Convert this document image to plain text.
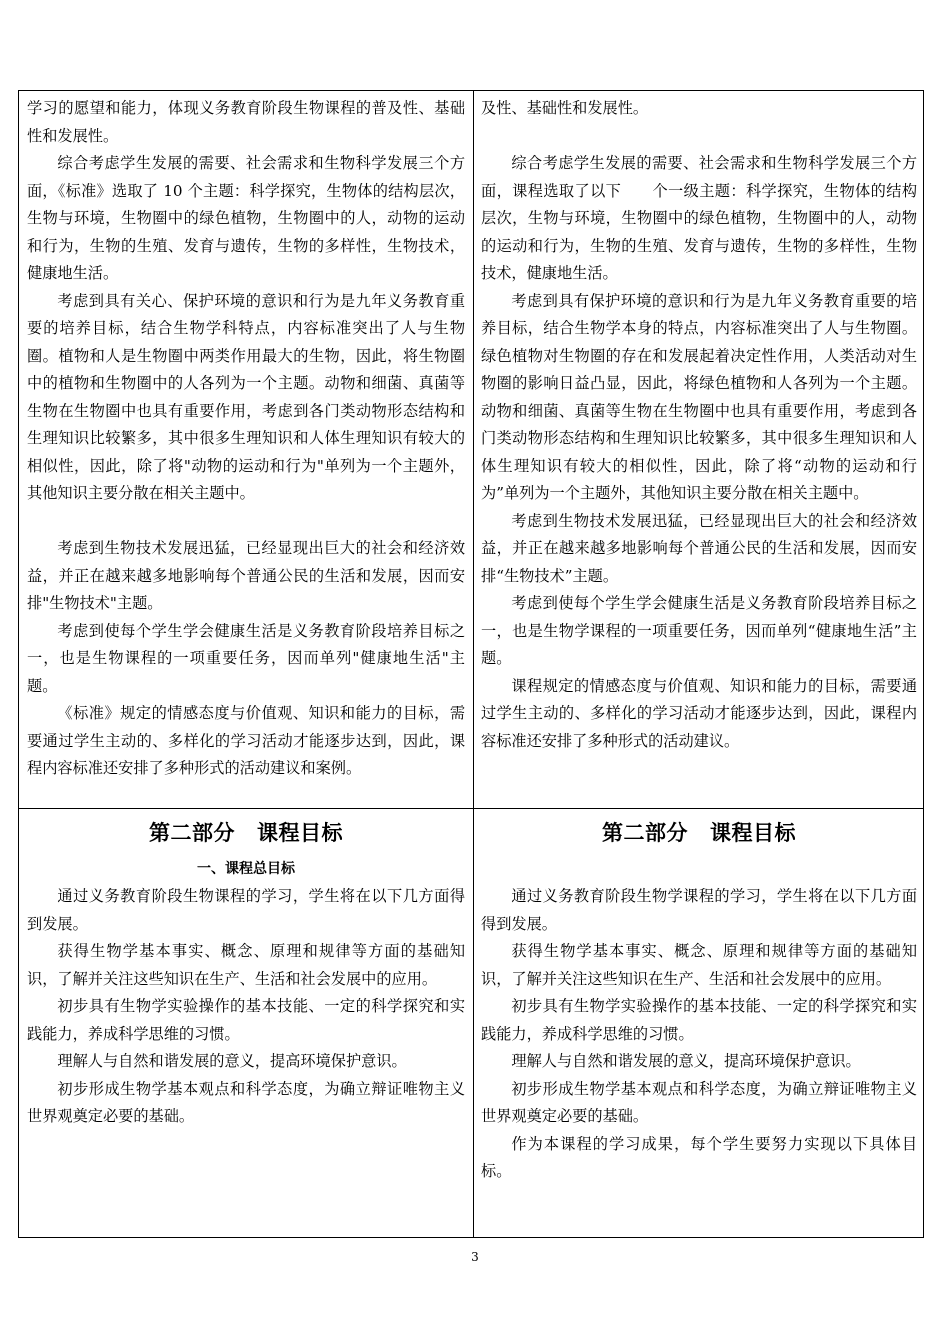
学习的愿望和能力，体现义务教育阶段生物课程的普及性、基础性和发展性。

综合考虑学生发展的需要、社会需求和生物科学发展三个方面，《标准》选取了 10 个主题：科学探究，生物体的结构层次，生物与环境，生物圈中的绿色植物，生物圈中的人，动物的运动和行为，生物的生殖、发育与遗传，生物的多样性，生物技术，健康地生活。

考虑到具有关心、保护环境的意识和行为是九年义务教育重要的培养目标，结合生物学科特点，内容标准突出了人与生物圈。植物和人是生物圈中两类作用最大的生物，因此，将生物圈中的植物和生物圈中的人各列为一个主题。动物和细菌、真菌等生物在生物圈中也具有重要作用，考虑到各门类动物形态结构和生理知识比较繁多，其中很多生理知识和人体生理知识有较大的相似性，因此，除了将"动物的运动和行为"单列为一个主题外，其他知识主要分散在相关主题中。

考虑到生物技术发展迅猛，已经显现出巨大的社会和经济效益，并正在越来越多地影响每个普通公民的生活和发展，因而安排"生物技术"主题。

考虑到使每个学生学会健康生活是义务教育阶段培养目标之一，也是生物课程的一项重要任务，因而单列"健康地生活"主题。

《标准》规定的情感态度与价值观、知识和能力的目标，需要通过学生主动的、多样化的学习活动才能逐步达到，因此，课程内容标准还安排了多种形式的活动建议和案例。

及性、基础性和发展性。

综合考虑学生发展的需要、社会需求和生物科学发展三个方面，课程选取了以下　　个一级主题：科学探究，生物体的结构层次，生物与环境，生物圈中的绿色植物，生物圈中的人，动物的运动和行为，生物的生殖、发育与遗传，生物的多样性，生物技术，健康地生活。

考虑到具有保护环境的意识和行为是九年义务教育重要的培养目标，结合生物学本身的特点，内容标准突出了人与生物圈。绿色植物对生物圈的存在和发展起着决定性作用，人类活动对生物圈的影响日益凸显，因此，将绿色植物和人各列为一个主题。动物和细菌、真菌等生物在生物圈中也具有重要作用，考虑到各门类动物形态结构和生理知识比较繁多，其中很多生理知识和人体生理知识有较大的相似性，因此，除了将“动物的运动和行为”单列为一个主题外，其他知识主要分散在相关主题中。

考虑到生物技术发展迅猛，已经显现出巨大的社会和经济效益，并正在越来越多地影响每个普通公民的生活和发展，因而安排“生物技术”主题。

考虑到使每个学生学会健康生活是义务教育阶段培养目标之一，也是生物学课程的一项重要任务，因而单列“健康地生活”主题。

课程规定的情感态度与价值观、知识和能力的目标，需要通过学生主动的、多样化的学习活动才能逐步达到，因此，课程内容标准还安排了多种形式的活动建议。

第二部分 课程目标
一、课程总目标

通过义务教育阶段生物课程的学习，学生将在以下几方面得到发展。

获得生物学基本事实、概念、原理和规律等方面的基础知识，了解并关注这些知识在生产、生活和社会发展中的应用。

初步具有生物学实验操作的基本技能、一定的科学探究和实践能力，养成科学思维的习惯。

理解人与自然和谐发展的意义，提高环境保护意识。

初步形成生物学基本观点和科学态度，为确立辩证唯物主义世界观奠定必要的基础。

第二部分 课程目标

通过义务教育阶段生物学课程的学习，学生将在以下几方面得到发展。

获得生物学基本事实、概念、原理和规律等方面的基础知识，了解并关注这些知识在生产、生活和社会发展中的应用。

初步具有生物学实验操作的基本技能、一定的科学探究和实践能力，养成科学思维的习惯。

理解人与自然和谐发展的意义，提高环境保护意识。

初步形成生物学基本观点和科学态度，为确立辩证唯物主义世界观奠定必要的基础。

作为本课程的学习成果，每个学生要努力实现以下具体目标。

3
